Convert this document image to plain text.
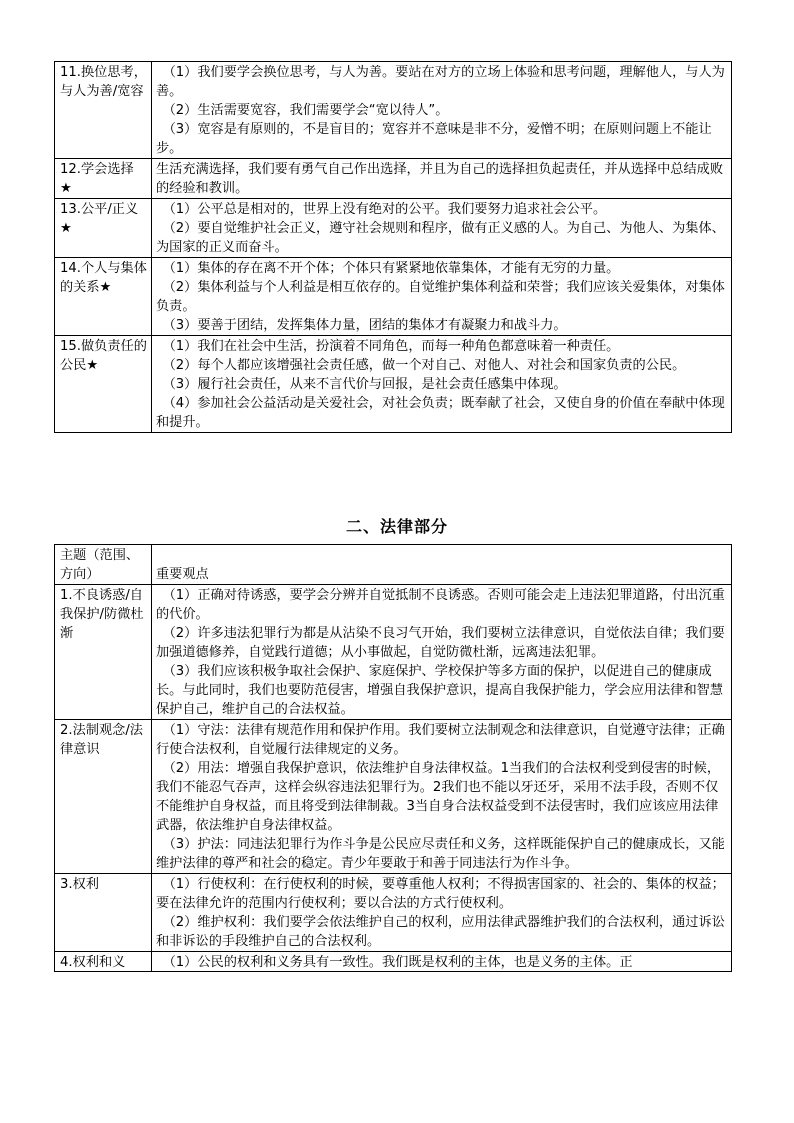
11.换位思考，与人为善/宽容	（1）我们要学会换位思考，与人为善。要站在对方的立场上体验和思考问题，理解他人，与人为善。

（2）生活需要宽容，我们需要学会“宽以待人”。

（3）宽容是有原则的，不是盲目的；宽容并不意味是非不分，爱憎不明；在原则问题上不能让步。

12.学会选择　★	生活充满选择，我们要有勇气自己作出选择，并且为自己的选择担负起责任，并从选择中总结成败的经验和教训。

13.公平/正义★	（1）公平总是相对的，世界上没有绝对的公平。我们要努力追求社会公平。

（2）要自觉维护社会正义，遵守社会规则和程序，做有正义感的人。为自己、为他人、为集体、为国家的正义而奋斗。

14.个人与集体的关系★	（1）集体的存在离不开个体；个体只有紧紧地依靠集体，才能有无穷的力量。

（2）集体利益与个人利益是相互依存的。自觉维护集体利益和荣誉；我们应该关爱集体，对集体负责。

（3）要善于团结，发挥集体力量，团结的集体才有凝聚力和战斗力。

15.做负责任的公民★	（1）我们在社会中生活，扮演着不同角色，而每一种角色都意味着一种责任。

（2）每个人都应该增强社会责任感，做一个对自己、对他人、对社会和国家负责的公民。

（3）履行社会责任，从来不言代价与回报，是社会责任感集中体现。

（4）参加社会公益活动是关爱社会，对社会负责；既奉献了社会，又使自身的价值在奉献中体现和提升。

二、法律部分
主题（范围、方向）	重要观点
1.不良诱惑/自我保护/防微杜渐	（1）正确对待诱惑，要学会分辨并自觉抵制不良诱惑。否则可能会走上违法犯罪道路，付出沉重的代价。

（2）许多违法犯罪行为都是从沾染不良习气开始，我们要树立法律意识，自觉依法自律；我们要加强道德修养，自觉践行道德；从小事做起，自觉防微杜渐，远离违法犯罪。

（3）我们应该积极争取社会保护、家庭保护、学校保护等多方面的保护，以促进自己的健康成长。与此同时，我们也要防范侵害，增强自我保护意识，提高自我保护能力，学会应用法律和智慧保护自己，维护自己的合法权益。

2.法制观念/法律意识	（1）守法：法律有规范作用和保护作用。我们要树立法制观念和法律意识，自觉遵守法律；正确行使合法权利，自觉履行法律规定的义务。

（2）用法：增强自我保护意识，依法维护自身法律权益。1当我们的合法权利受到侵害的时候，我们不能忍气吞声，这样会纵容违法犯罪行为。2我们也不能以牙还牙，采用不法手段，否则不仅不能维护自身权益，而且将受到法律制裁。3当自身合法权益受到不法侵害时，我们应该应用法律武器，依法维护自身法律权益。

（3）护法：同违法犯罪行为作斗争是公民应尽责任和义务，这样既能保护自己的健康成长，又能维护法律的尊严和社会的稳定。青少年要敢于和善于同违法行为作斗争。

3.权利	（1）行使权利：在行使权利的时候，要尊重他人权利；不得损害国家的、社会的、集体的权益；要在法律允许的范围内行使权利；要以合法的方式行使权利。

（2）维护权利：我们要学会依法维护自己的权利，应用法律武器维护我们的合法权利，通过诉讼和非诉讼的手段维护自己的合法权利。

4.权利和义	（1）公民的权利和义务具有一致性。我们既是权利的主体，也是义务的主体。正
